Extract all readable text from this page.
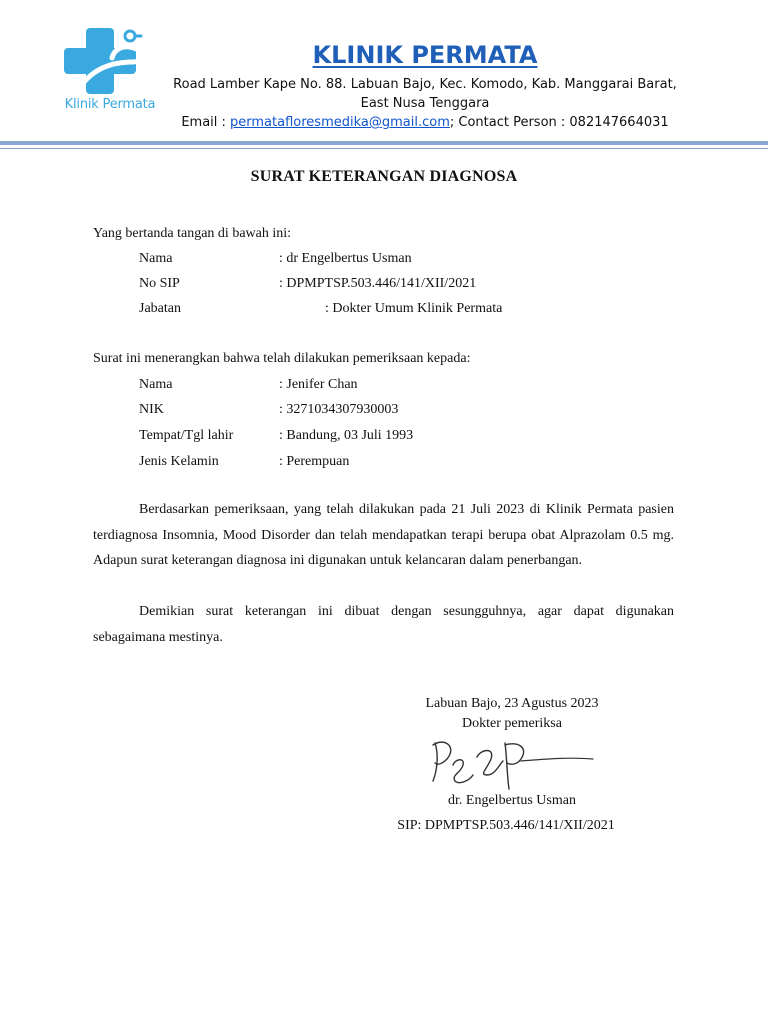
Klinik Permata
KLINIK PERMATA
Road Lamber Kape No. 88. Labuan Bajo, Kec. Komodo, Kab. Manggarai Barat,
East Nusa Tenggara
Email : permatafloresmedika@gmail.com; Contact Person : 082147664031
SURAT KETERANGAN DIAGNOSA
Yang bertanda tangan di bawah ini:
Nama	: dr Engelbertus Usman
No SIP	: DPMPTSP.503.446/141/XII/2021
Jabatan	: Dokter Umum Klinik Permata
Surat ini menerangkan bahwa telah dilakukan pemeriksaan kepada:
Nama	: Jenifer Chan
NIK	: 3271034307930003
Tempat/Tgl lahir	: Bandung, 03 Juli 1993
Jenis Kelamin	: Perempuan

Berdasarkan pemeriksaan, yang telah dilakukan pada 21 Juli 2023 di Klinik Permata pasien terdiagnosa Insomnia, Mood Disorder dan telah mendapatkan terapi berupa obat Alprazolam 0.5 mg. Adapun surat keterangan diagnosa ini digunakan untuk kelancaran dalam penerbangan.

Demikian surat keterangan ini dibuat dengan sesungguhnya, agar dapat digunakan sebagaimana mestinya.

Labuan Bajo, 23 Agustus 2023
Dokter pemeriksa
dr. Engelbertus Usman
SIP: DPMPTSP.503.446/141/XII/2021
